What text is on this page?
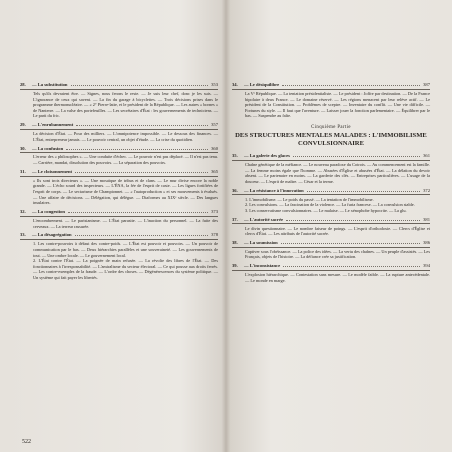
28.	— La substitution	353
Tels qu'ils devraient être. — Signes, nous ferons le reste. — Je suis leur chef, donc je les suis. — L'ignorance de ceux qui savent. — La fin du garage à bicyclettes. — Trois décisions prises dans le programme thermonucléaire. — « 2° Pierre-latte, et le président de la République. — Les autres « bornes » de Nanterre. — La valse des portefeuilles. — Les secrétaires d'État : les gouvernements de techniciens. — Le parti du fric.
29.	— L'enrubannement	357
La décision d'État. — Pour des milliers. — L'omnipotence impossible. — Le dessous des finances. — L'État, entrepreneur jamais. — Le pouvoir central, un objet d'étude. — La crise du quotidien.
30.	— La confusion	360
L'erreur des « philosophes ». — Une conduite d'échec. — Le pouvoir n'est pas déplacé. — Il n'est pas tenu. — Carrière, mandat, dissolution des pouvoirs. — La séparation des pouvoirs.
31.	— Le cloisonnement	365
« Ils sont trois directeurs ». — Une mosaïque de tribus et de clans. — Le mur divise encore la noble grande. — L'écho sourd des inspecteurs. — L'ÉNA, la fée de l'esprit de caste. — Les ligues fortifiées de l'esprit de corps. — Le sectarisme de Championnet. — « l'autoproduction » et ses mouvements à évalués. — Une affaire de décisions. — Délégation, qui délègue. — Diaformes au XIXᵉ siècle. — Des langues insulaires.
32.	— La congestion	373
L'encombrement. — Le parisianisme. — L'État parasite. — L'inaction du personnel. — La fuite des cerveaux. — La terreur rassurée.
33.	— La désagrégation	378
1. Les contre-pouvoirs à défaut des contre-poids. — L'État est pouvoir et pouvoirs. — Un pouvoir de communication par le bas. — Deux hiérarchies parallèles et une souveraineté. — Les gouvernements de tout. — Une ombre locale. — Le gouvernement local.
2. L'État contre l'État. — La poignée de main refusée. — La révolte des libres de l'État. — Des fonctionnaires à l'irresponsabilité. — L'amiralisme du secteur électoral. — Ce qui pousse aux droits ferrés. — Les contre-exemples de la fraude. — L'ordre des choses. — Dégénérescences du système politique. — Un système qui fait payer les libertés.
34.	— Le désiquilibre	387
La Vᵉ République. — La tentation présidentialiste. — Le président : Joffre par destination. — De la France bipolaire à deux France. — Le domaine réservé. — Les régions menacent par leur relève actif. — Le président de la Constitution. — Problèmes de sceptre. — Inventaire du conflit. — Une vie difficile. — Fortunes du style. — Il faut que l'aventure. — Laisser jouer la fonction parlementaire. — Équilibrer par le bas. — Suspendre au faîte.
Cinquième Partie
DES STRUCTURES MENTALES MALADES : L'IMMOBILISME CONVULSIONNAIRE
35.	— La galerie des glaces	361
Chaîne génétique de la méfiance. — Le nouveau paradoxe du Cotrois. — Au commencement est la famille. — La femme moins égale que l'homme. — Abusées d'Église et abusées d'État. — La délation du devoir absent. — Le partenaire en moins. — La garderie des clés. — Entreprises particulières. — L'usage de la douceur. — L'esprit de maître. — César et la terme.
36.	— La résistance à l'innovation	372
1. L'immobilisme. — Le poids du passé. — La tentation de l'immobilisme.
2. Les convulsions. — La fascination de la violence. — La furia francese. — La convulsion stable.
3. Les conservatisme convulsionnaires. — Le malaise. — Le xénophobe hypocrite. — La glu.
37.	— L'autorité sacrée	381
Le divin questionnaire. — Le nombre faiseur de poings. — L'esprit d'orthodoxie. — Clercs d'Église et clercs d'État. — Les attributs de l'autorité sacrée.
38.	— La soumission	386
Captiver sous l'obéissance. — La police des idées. — La vertu des chaînes. — Un peuple d'assistés. — Les Français, objets de l'histoire. — La défiance crée sa justification.
39.	— L'inconsistance	394
L'explosion hiérarchique. — Contestation sans mesure. — Le modèle faible. — La rupture antecédentale. — Le monde en marge.
522
